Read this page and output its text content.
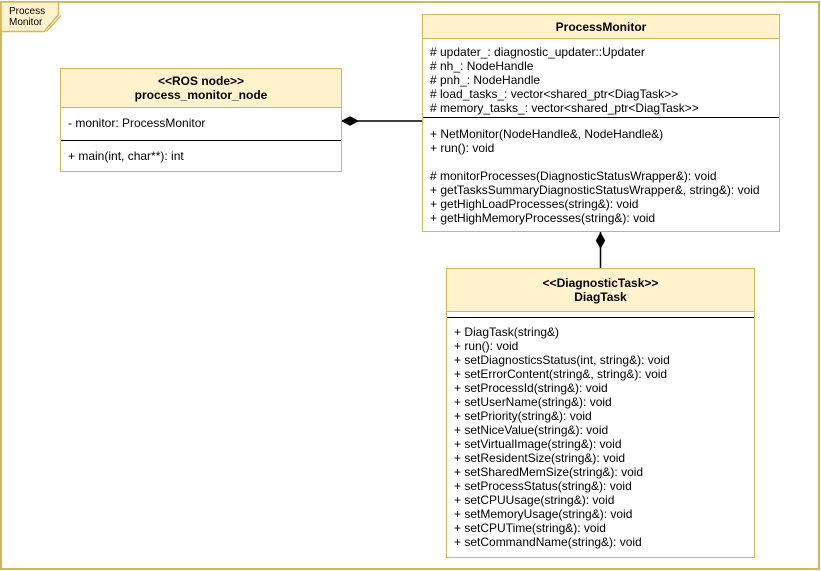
Process
Monitor
<<ROS node>>
process_monitor_node
- monitor: ProcessMonitor
+ main(int, char**): int
ProcessMonitor
# updater_: diagnostic_updater::Updater
# nh_: NodeHandle
# pnh_: NodeHandle
# load_tasks_: vector<shared_ptr<DiagTask>>
# memory_tasks_: vector<shared_ptr<DiagTask>>
+ NetMonitor(NodeHandle&, NodeHandle&)
+ run(): void

# monitorProcesses(DiagnosticStatusWrapper&): void
+ getTasksSummaryDiagnosticStatusWrapper&, string&): void
+ getHighLoadProcesses(string&): void
+ getHighMemoryProcesses(string&): void
<<DiagnosticTask>>
DiagTask
+ DiagTask(string&)
+ run(): void
+ setDiagnosticsStatus(int, string&): void
+ setErrorContent(string&, string&): void
+ setProcessId(string&): void
+ setUserName(string&): void
+ setPriority(string&): void
+ setNiceValue(string&): void
+ setVirtualImage(string&): void
+ setResidentSize(string&): void
+ setSharedMemSize(string&): void
+ setProcessStatus(string&): void
+ setCPUUsage(string&): void
+ setMemoryUsage(string&): void
+ setCPUTime(string&): void
+ setCommandName(string&): void
